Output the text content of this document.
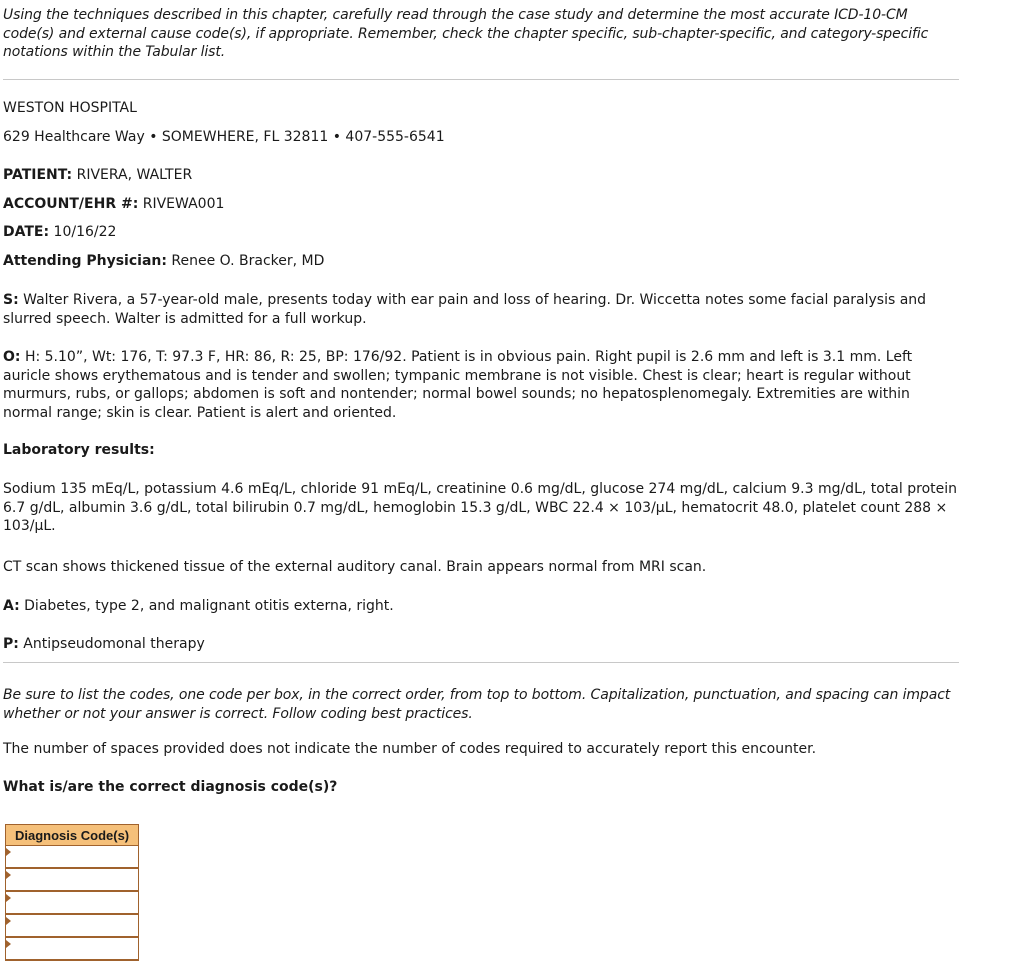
Using the techniques described in this chapter, carefully read through the case study and determine the most accurate ICD-10-CM code(s) and external cause code(s), if appropriate. Remember, check the chapter specific, sub-chapter-specific, and category-specific notations within the Tabular list.

WESTON HOSPITAL

629 Healthcare Way • SOMEWHERE, FL 32811 • 407-555-6541

PATIENT: RIVERA, WALTER

ACCOUNT/EHR #: RIVEWA001

DATE: 10/16/22

Attending Physician: Renee O. Bracker, MD

S: Walter Rivera, a 57-year-old male, presents today with ear pain and loss of hearing. Dr. Wiccetta notes some facial paralysis and slurred speech. Walter is admitted for a full workup.

O: H: 5.10”, Wt: 176, T: 97.3 F, HR: 86, R: 25, BP: 176/92. Patient is in obvious pain. Right pupil is 2.6 mm and left is 3.1 mm. Left auricle shows erythematous and is tender and swollen; tympanic membrane is not visible. Chest is clear; heart is regular without murmurs, rubs, or gallops; abdomen is soft and nontender; normal bowel sounds; no hepatosplenomegaly. Extremities are within normal range; skin is clear. Patient is alert and oriented.

Laboratory results:

Sodium 135 mEq/L, potassium 4.6 mEq/L, chloride 91 mEq/L, creatinine 0.6 mg/dL, glucose 274 mg/dL, calcium 9.3 mg/dL, total protein 6.7 g/dL, albumin 3.6 g/dL, total bilirubin 0.7 mg/dL, hemoglobin 15.3 g/dL, WBC 22.4 × 103/μL, hematocrit 48.0, platelet count 288 × 103/μL.

CT scan shows thickened tissue of the external auditory canal. Brain appears normal from MRI scan.

A: Diabetes, type 2, and malignant otitis externa, right.

P: Antipseudomonal therapy

Be sure to list the codes, one code per box, in the correct order, from top to bottom. Capitalization, punctuation, and spacing can impact whether or not your answer is correct. Follow coding best practices.

The number of spaces provided does not indicate the number of codes required to accurately report this encounter.

What is/are the correct diagnosis code(s)?

Diagnosis Code(s)
